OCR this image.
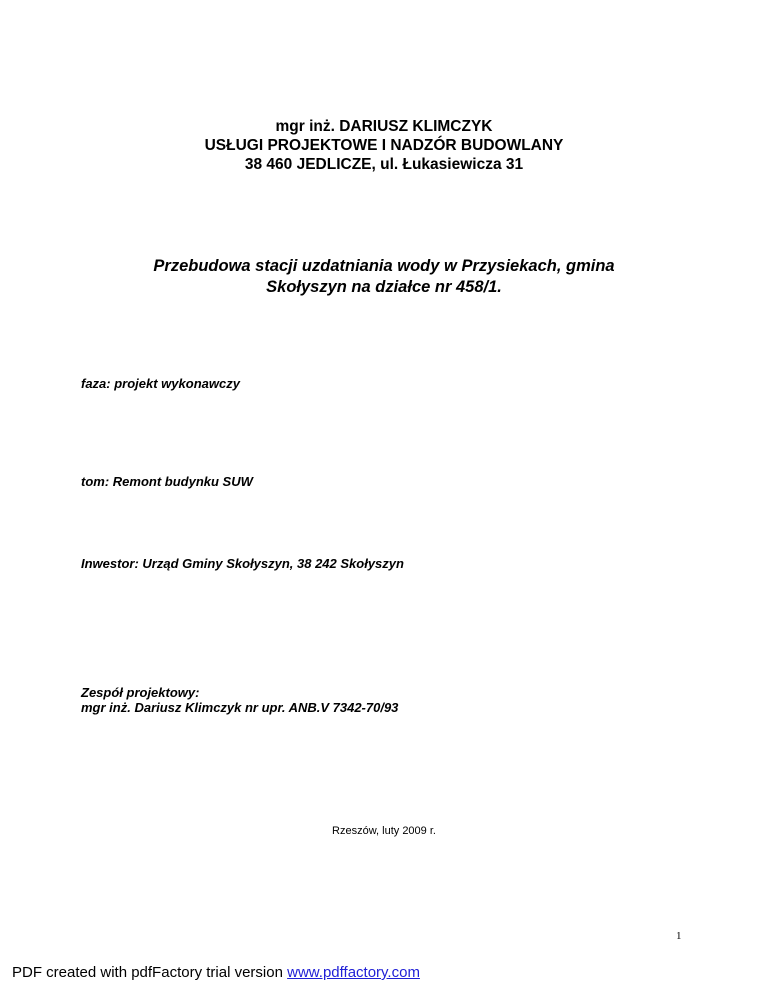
mgr inż. DARIUSZ KLIMCZYK
USŁUGI PROJEKTOWE I NADZÓR BUDOWLANY
38 460 JEDLICZE, ul. Łukasiewicza 31
Przebudowa stacji uzdatniania wody w Przysiekach, gmina
Skołyszyn na działce nr 458/1.
faza: projekt wykonawczy
tom: Remont budynku SUW
Inwestor: Urząd Gminy Skołyszyn, 38 242 Skołyszyn
Zespół projektowy:
mgr inż. Dariusz Klimczyk nr upr. ANB.V 7342-70/93
Rzeszów, luty 2009 r.
1
PDF created with pdfFactory trial version www.pdffactory.com
